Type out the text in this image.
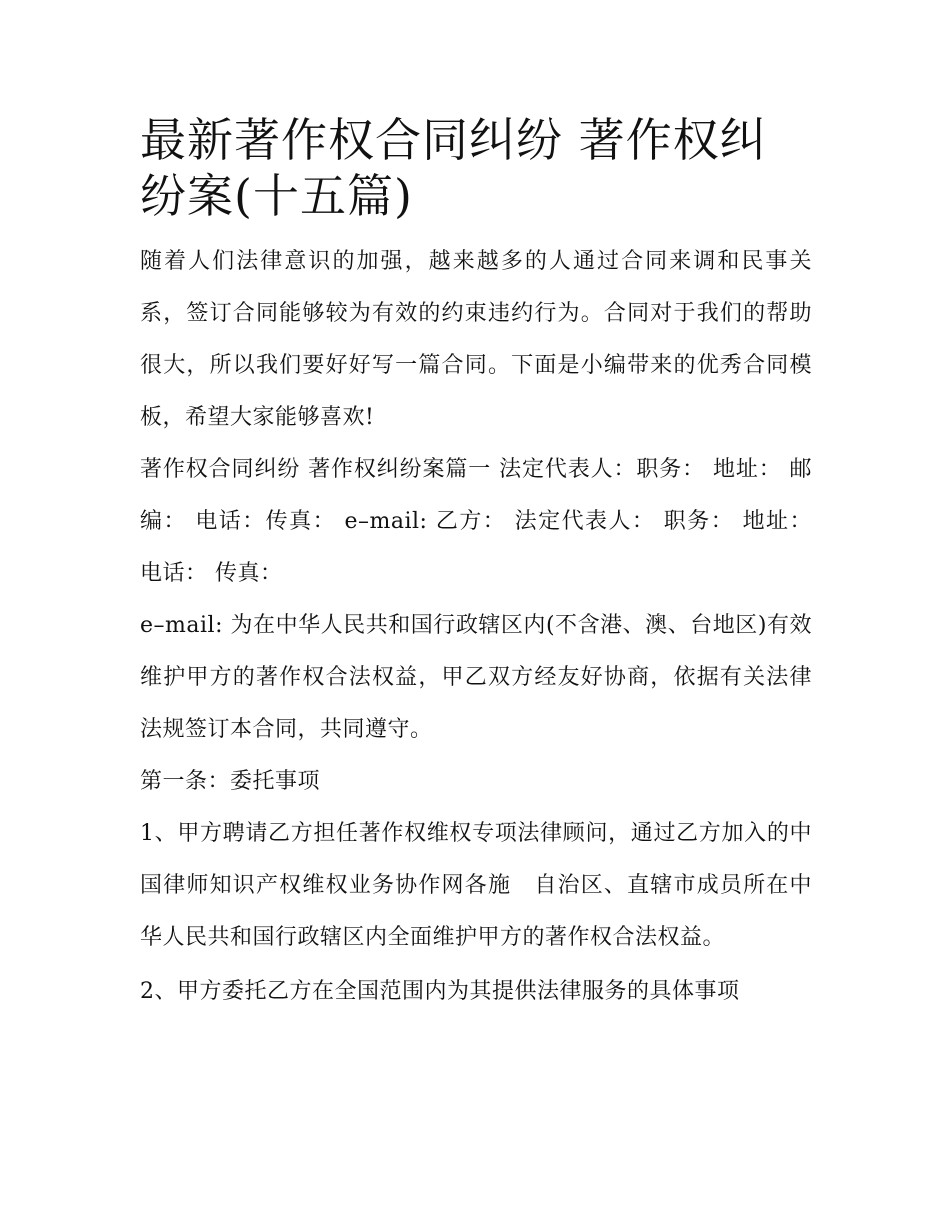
最新著作权合同纠纷 著作权纠纷案(十五篇)

随着人们法律意识的加强，越来越多的人通过合同来调和民事关系，签订合同能够较为有效的约束违约行为。合同对于我们的帮助很大，所以我们要好好写一篇合同。下面是小编带来的优秀合同模板，希望大家能够喜欢!

著作权合同纠纷 著作权纠纷案篇一 法定代表人：职务： 地址： 邮编： 电话：传真： e–mail: 乙方： 法定代表人： 职务： 地址： 电话： 传真：

e–mail: 为在中华人民共和国行政辖区内(不含港、澳、台地区)有效维护甲方的著作权合法权益，甲乙双方经友好协商，依据有关法律法规签订本合同，共同遵守。

第一条：委托事项

1、甲方聘请乙方担任著作权维权专项法律顾问，通过乙方加入的中国律师知识产权维权业务协作网各施　自治区、直辖市成员所在中华人民共和国行政辖区内全面维护甲方的著作权合法权益。

2、甲方委托乙方在全国范围内为其提供法律服务的具体事项
